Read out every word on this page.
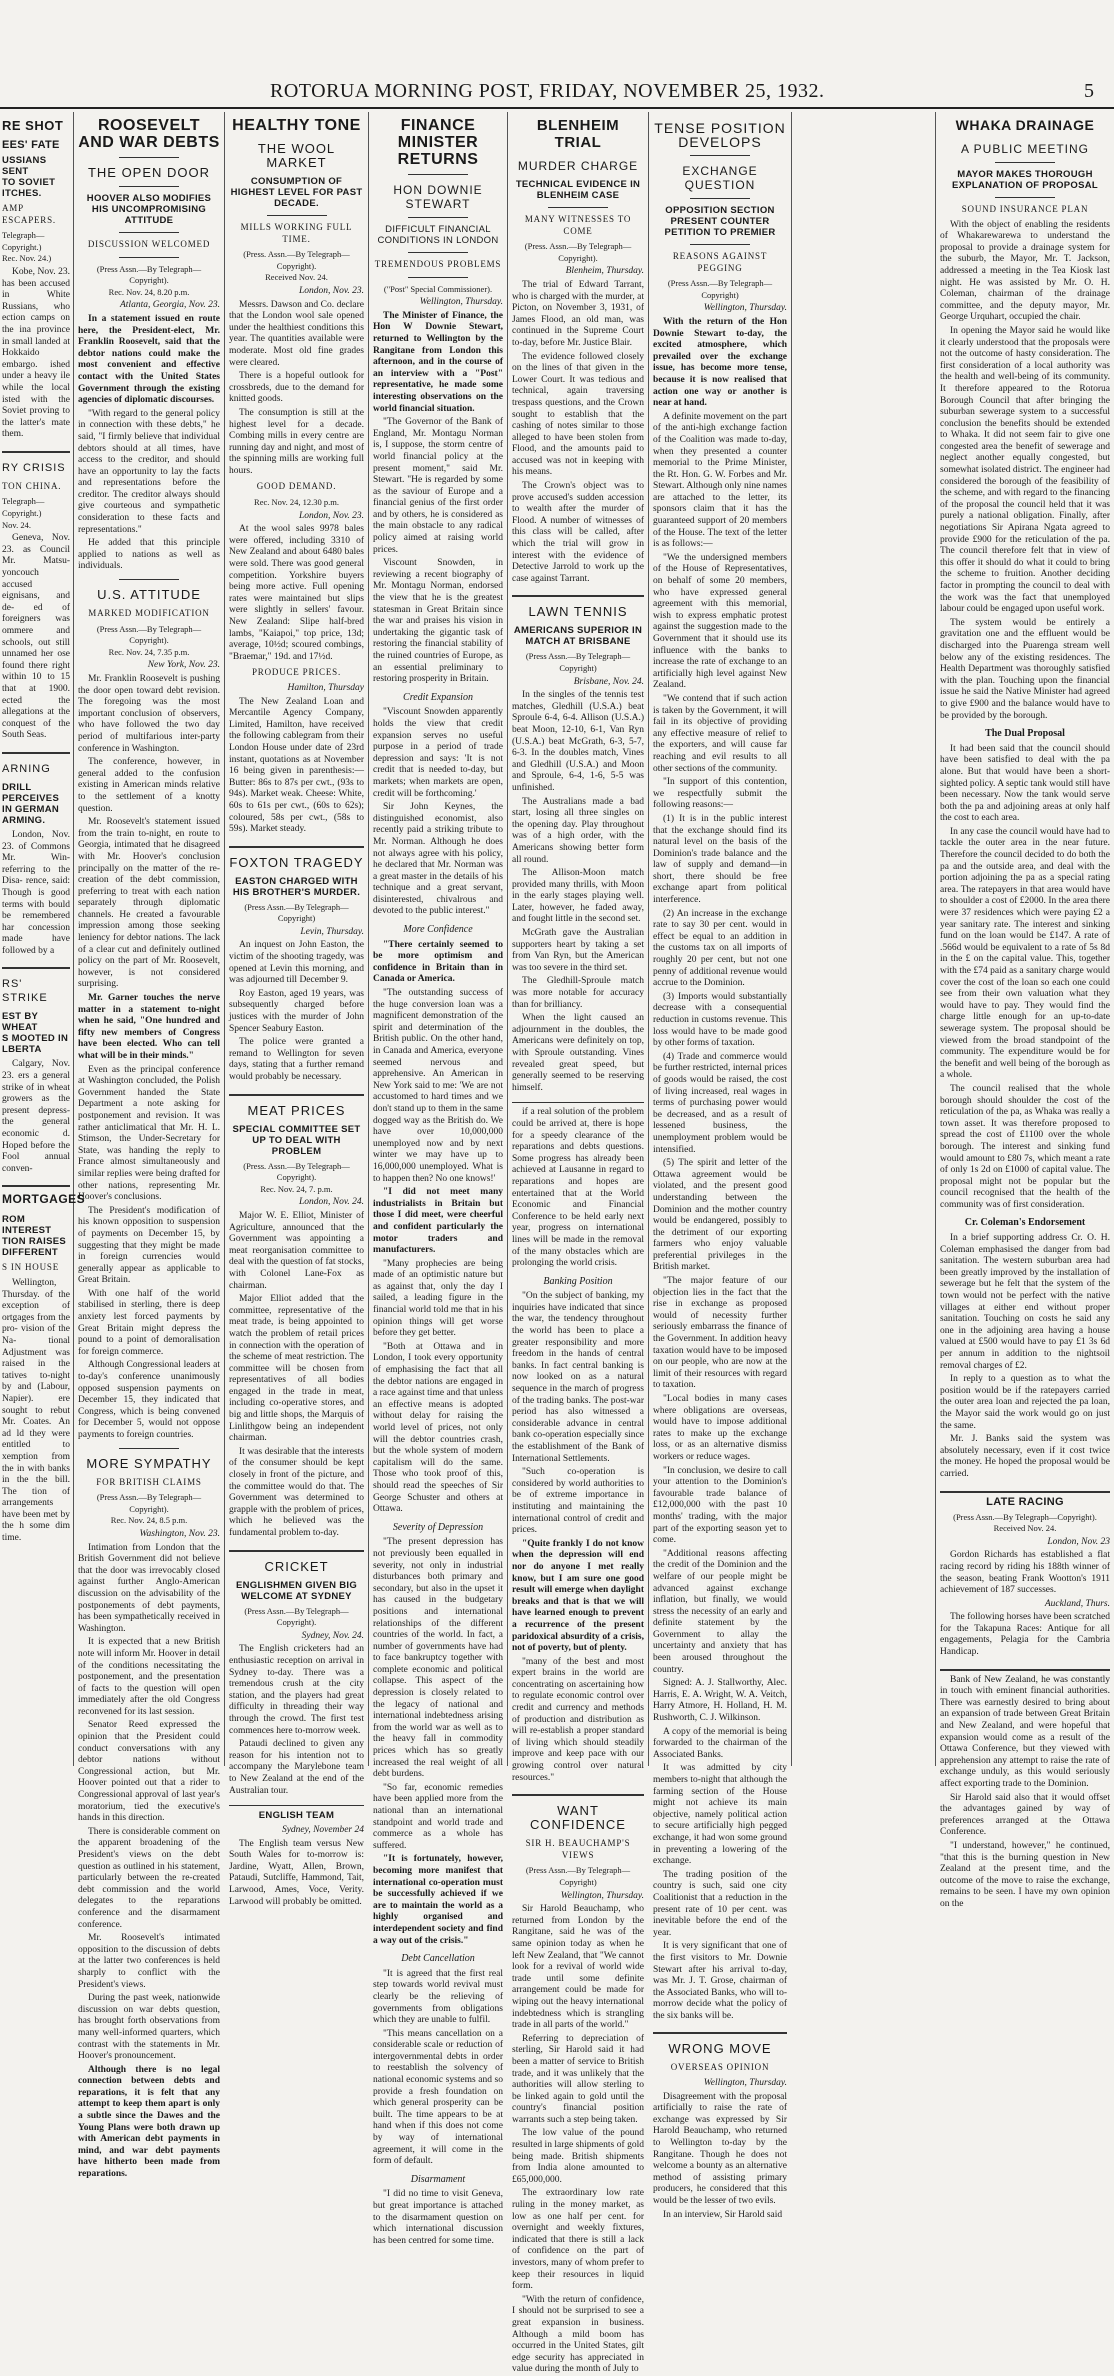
ROTORUA MORNING POST, FRIDAY, NOVEMBER 25, 1932.	5
RE SHOT
EES' FATE
USSIANS SENT
TO SOVIET
ITCHES.
AMP ESCAPERS.
Telegraph—Copyright.)
Rec. Nov. 24.)

Kobe, Nov. 23. has been accused in White Russians, who ection camps on the ina province in small landed at Hokkaido embargo. ished under a heavy ile while the local isted with the Soviet proving to the latter's mate them.

RY CRISIS
TON CHINA.
Telegraph—Copyright.)
Nov. 24.

Geneva, Nov. 23. as Council Mr. Matsu- yoncouch accused eignisans, and de- ed of foreigners was ommere and schools, out still unnamed her ose found there right within 10 to 15 that at 1900. ected the allegations at the conquest of the South Seas.

ARNING
DRILL PERCEIVES
IN GERMAN
ARMING.

London, Nov. 23. of Commons Mr. Win- referring to the Disa- rence, said: Though is good terms with bould be remembered har concession made have followed by a

RS' STRIKE
EST BY WHEAT
S MOOTED IN
LBERTA

Calgary, Nov. 23. ers a general strike of in wheat growers as the present depress- the general economic d. Hoped before the Fool annual conven-

MORTGAGES
ROM INTEREST
TION RAISES
DIFFERENT
S IN HOUSE

Wellington, Thursday. of the exception of ortgages from the pro- vision of the Na- tional Adjustment was raised in the tatives to-night by and (Labour, Napier). ere sought to rebut Mr. Coates. An ad ld they were entitled to xemption from the in with banks in the the bill. The tion of arrangements have been met by the h some dim time.

ROOSEVELT AND WAR DEBTS
THE OPEN DOOR
HOOVER ALSO MODIFIES HIS UNCOMPROMISING ATTITUDE
DISCUSSION WELCOMED
(Press Assn.—By Telegraph—Copyright).
Rec. Nov. 24, 8.20 p.m.
Atlanta, Georgia, Nov. 23.

In a statement issued en route here, the President-elect, Mr. Franklin Roosevelt, said that the debtor nations could make the most convenient and effective contact with the United States Government through the existing agencies of diplomatic discourses.

"With regard to the general policy in connection with these debts," he said, "I firmly believe that individual debtors should at all times, have access to the creditor, and should have an opportunity to lay the facts and representations before the creditor. The creditor always should give courteous and sympathetic consideration to these facts and representations."

He added that this principle applied to nations as well as individuals.

U.S. ATTITUDE
MARKED MODIFICATION
(Press Assn.—By Telegraph—Copyright).
Rec. Nov. 24, 7.35 p.m.
New York, Nov. 23.

Mr. Franklin Roosevelt is pushing the door open toward debt revision. The foregoing was the most important conclusion of observers, who have followed the two day period of multifarious inter-party conference in Washington.

The conference, however, in general added to the confusion existing in American minds relative to the settlement of a knotty question.

Mr. Roosevelt's statement issued from the train to-night, en route to Georgia, intimated that he disagreed with Mr. Hoover's conclusion principally on the matter of the re-creation of the debt commission, preferring to treat with each nation separately through diplomatic channels. He created a favourable impression among those seeking leniency for debtor nations. The lack of a clear cut and definitely outlined policy on the part of Mr. Roosevelt, however, is not considered surprising.

Mr. Garner touches the nerve matter in a statement to-night when he said, "One hundred and fifty new members of Congress have been elected. Who can tell what will be in their minds."

Even as the principal conference at Washington concluded, the Polish Government handed the State Department a note asking for postponement and revision. It was rather anticlimatical that Mr. H. L. Stimson, the Under-Secretary for State, was handing the reply to France almost simultaneously and similar replies were being drafted for other nations, representing Mr. Hoover's conclusions.

The President's modification of his known opposition to suspension of payments on December 15, by suggesting that they might be made in foreign currencies would generally appear as applicable to Great Britain.

With one half of the world stabilised in sterling, there is deep anxiety lest forced payments by Great Britain might depress the pound to a point of demoralisation for foreign commerce.

Although Congressional leaders at to-day's conference unanimously opposed suspension payments on December 15, they indicated that Congress, which is being convened for December 5, would not oppose payments to foreign countries.

MORE SYMPATHY
FOR BRITISH CLAIMS
(Press Assn.—By Telegraph—Copyright).
Rec. Nov. 24, 8.5 p.m.
Washington, Nov. 23.

Intimation from London that the British Government did not believe that the door was irrevocably closed against further Anglo-American discussion on the advisability of the postponements of debt payments, has been sympathetically received in Washington.

It is expected that a new British note will inform Mr. Hoover in detail of the conditions necessitating the postponement, and the presentation of facts to the question will open immediately after the old Congress reconvened for its last session.

Senator Reed expressed the opinion that the President could conduct conversations with any debtor nations without Congressional action, but Mr. Hoover pointed out that a rider to Congressional approval of last year's moratorium, tied the executive's hands in this direction.

There is considerable comment on the apparent broadening of the President's views on the debt question as outlined in his statement, particularly between the re-created debt commission and the world delegates to the reparations conference and the disarmament conference.

Mr. Roosevelt's intimated opposition to the discussion of debts at the latter two conferences is held sharply to conflict with the President's views.

During the past week, nationwide discussion on war debts question, has brought forth observations from many well-informed quarters, which contrast with the statements in Mr. Hoover's pronouncement.

Although there is no legal connection between debts and reparations, it is felt that any attempt to keep them apart is only a subtle since the Dawes and the Young Plans were both drawn up with American debt payments in mind, and war debt payments have hitherto been made from reparations.

HEALTHY TONE
THE WOOL MARKET
CONSUMPTION OF HIGHEST LEVEL FOR PAST DECADE.
MILLS WORKING FULL TIME.
(Press. Assn.—By Telegraph—Copyright).
Received Nov. 24.
London, Nov. 23.

Messrs. Dawson and Co. declare that the London wool sale opened under the healthiest conditions this year. The quantities available were moderate. Most old fine grades were cleared.

There is a hopeful outlook for crossbreds, due to the demand for knitted goods.

The consumption is still at the highest level for a decade. Combing mills in every centre are running day and night, and most of the spinning mills are working full hours.

GOOD DEMAND.
Rec. Nov. 24, 12.30 p.m.
London, Nov. 23.

At the wool sales 9978 bales were offered, including 3310 of New Zealand and about 6480 bales were sold. There was good general competition. Yorkshire buyers being more active. Full opening rates were maintained but slips were slightly in sellers' favour. New Zealand: Slipe half-bred lambs, "Kaiapoi," top price, 13d; average, 10½d; scoured combings, "Braemar," 19d. and 17½d.

PRODUCE PRICES.
Hamilton, Thursday

The New Zealand Loan and Mercantile Agency Company, Limited, Hamilton, have received the following cablegram from their London House under date of 23rd instant, quotations as at November 16 being given in parenthesis:—Butter: 86s to 87s per cwt., (93s to 94s). Market weak. Cheese: White, 60s to 61s per cwt., (60s to 62s); coloured, 58s per cwt., (58s to 59s). Market steady.

FOXTON TRAGEDY
EASTON CHARGED WITH HIS BROTHER'S MURDER.
(Press Assn.—By Telegraph—Copyright)
Levin, Thursday.

An inquest on John Easton, the victim of the shooting tragedy, was opened at Levin this morning, and was adjourned till December 9.

Roy Easton, aged 19 years, was subsequently charged before justices with the murder of John Spencer Seabury Easton.

The police were granted a remand to Wellington for seven days, stating that a further remand would probably be necessary.

MEAT PRICES
SPECIAL COMMITTEE SET UP TO DEAL WITH PROBLEM
(Press. Assn.—By Telegraph—Copyright).
Rec. Nov. 24, 7. p.m.
London, Nov. 24.

Major W. E. Elliot, Minister of Agriculture, announced that the Government was appointing a meat reorganisation committee to deal with the question of fat stocks, with Colonel Lane-Fox as chairman.

Major Elliot added that the committee, representative of the meat trade, is being appointed to watch the problem of retail prices in connection with the operation of the scheme of meat restriction. The committee will be chosen from representatives of all bodies engaged in the trade in meat, including co-operative stores, and big and little shops, the Marquis of Linlithgow being an independent chairman.

It was desirable that the interests of the consumer should be kept closely in front of the picture, and the committee would do that. The Government was determined to grapple with the problem of prices, which he believed was the fundamental problem to-day.

CRICKET
ENGLISHMEN GIVEN BIG WELCOME AT SYDNEY
(Press Assn.—By Telegraph—Copyright).
Sydney, Nov. 24.

The English cricketers had an enthusiastic reception on arrival in Sydney to-day. There was a tremendous crush at the city station, and the players had great difficulty in threading their way through the crowd. The first test commences here to-morrow week.

Pataudi declined to given any reason for his intention not to accompany the Marylebone team to New Zealand at the end of the Australian tour.

ENGLISH TEAM
Sydney, November 24

The English team versus New South Wales for to-morrow is: Jardine, Wyatt, Allen, Brown, Pataudi, Sutcliffe, Hammond, Tait, Larwood, Ames, Voce, Verity. Larwood will probably be omitted.

FINANCE MINISTER RETURNS
HON DOWNIE STEWART
DIFFICULT FINANCIAL CONDITIONS IN LONDON
TREMENDOUS PROBLEMS
("Post" Special Commissioner).
Wellington, Thursday.

The Minister of Finance, the Hon W Downie Stewart, returned to Wellington by the Rangitane from London this afternoon, and in the course of an interview with a "Post" representative, he made some interesting observations on the world financial situation.

"The Governor of the Bank of England, Mr. Montagu Norman is, I suppose, the storm centre of world financial policy at the present moment," said Mr. Stewart. "He is regarded by some as the saviour of Europe and a financial genius of the first order and by others, he is considered as the main obstacle to any radical policy aimed at raising world prices.

Viscount Snowden, in reviewing a recent biography of Mr. Montagu Norman, endorsed the view that he is the greatest statesman in Great Britain since the war and praises his vision in undertaking the gigantic task of restoring the financial stability of the ruined countries of Europe, as an essential preliminary to restoring prosperity in Britain.

Credit Expansion

"Viscount Snowden apparently holds the view that credit expansion serves no useful purpose in a period of trade depression and says: 'It is not credit that is needed to-day, but markets; when markets are open, credit will be forthcoming.'

Sir John Keynes, the distinguished economist, also recently paid a striking tribute to Mr. Norman. Although he does not always agree with his policy, he declared that Mr. Norman was a great master in the details of his technique and a great servant, disinterested, chivalrous and devoted to the public interest."

More Confidence

"There certainly seemed to be more optimism and confidence in Britain than in Canada or America.

"The outstanding success of the huge conversion loan was a magnificent demonstration of the spirit and determination of the British public. On the other hand, in Canada and America, everyone seemed nervous and apprehensive. An American in New York said to me: 'We are not accustomed to hard times and we don't stand up to them in the same dogged way as the British do. We have over 10,000,000 unemployed now and by next winter we may have up to 16,000,000 unemployed. What is to happen then? No one knows!'

"I did not meet many industrialists in Britain but those I did meet, were cheerful and confident particularly the motor traders and manufacturers.

"Many prophecies are being made of an optimistic nature but as against that, only the day I sailed, a leading figure in the financial world told me that in his opinion things will get worse before they get better.

"Both at Ottawa and in London, I took every opportunity of emphasising the fact that all the debtor nations are engaged in a race against time and that unless an effective means is adopted without delay for raising the world level of prices, not only will the debtor countries crash, but the whole system of modern capitalism will do the same. Those who took proof of this, should read the speeches of Sir George Schuster and others at Ottawa.

Severity of Depression

"The present depression has not previously been equalled in severity, not only in industrial disturbances both primary and secondary, but also in the upset it has caused in the budgetary positions and international relationships of the different countries of the world. In fact, a number of governments have had to face bankruptcy together with complete economic and political collapse. This aspect of the depression is closely related to the legacy of national and international indebtedness arising from the world war as well as to the heavy fall in commodity prices which has so greatly increased the real weight of all debt burdens.

"So far, economic remedies have been applied more from the national than an international standpoint and world trade and commerce as a whole has suffered.

"It is fortunately, however, becoming more manifest that international co-operation must be successfully achieved if we are to maintain the world as a highly organised and interdependent society and find a way out of the crisis."

Debt Cancellation

"It is agreed that the first real step towards world revival must clearly be the relieving of governments from obligations which they are unable to fulfil.

"This means cancellation on a considerable scale or reduction of intergovernmental debts in order to reestablish the solvency of national economic systems and so provide a fresh foundation on which general prosperity can be built. The time appears to be at hand when if this does not come by way of international agreement, it will come in the form of default.

Disarmament

"I did no time to visit Geneva, but great importance is attached to the disarmament question on which international discussion has been centred for some time.

BLENHEIM TRIAL
MURDER CHARGE
TECHNICAL EVIDENCE IN BLENHEIM CASE
MANY WITNESSES TO COME
(Press. Assn.—By Telegraph—Copyright).
Blenheim, Thursday.

The trial of Edward Tarrant, who is charged with the murder, at Picton, on November 3, 1931, of James Flood, an old man, was continued in the Supreme Court to-day, before Mr. Justice Blair.

The evidence followed closely on the lines of that given in the Lower Court. It was tedious and technical, again traversing trespass questions, and the Crown sought to establish that the cashing of notes similar to those alleged to have been stolen from Flood, and the amounts paid to accused was not in keeping with his means.

The Crown's object was to prove accused's sudden accession to wealth after the murder of Flood. A number of witnesses of this class will be called, after which the trial will grow in interest with the evidence of Detective Jarrold to work up the case against Tarrant.

LAWN TENNIS
AMERICANS SUPERIOR IN MATCH AT BRISBANE
(Press Assn.—By Telegraph—Copyright)
Brisbane, Nov. 24.

In the singles of the tennis test matches, Gledhill (U.S.A.) beat Sproule 6-4, 6-4. Allison (U.S.A.) beat Moon, 12-10, 6-1, Van Ryn (U.S.A.) beat McGrath, 6-3, 5-7, 6-3. In the doubles match, Vines and Gledhill (U.S.A.) and Moon and Sproule, 6-4, 1-6, 5-5 was unfinished.

The Australians made a bad start, losing all three singles on the opening day. Play throughout was of a high order, with the Americans showing better form all round.

The Allison-Moon match provided many thrills, with Moon in the early stages playing well. Later, however, he faded away, and fought little in the second set.

McGrath gave the Australian supporters heart by taking a set from Van Ryn, but the American was too severe in the third set.

The Gledhill-Sproule match was more notable for accuracy than for brilliancy.

When the light caused an adjournment in the doubles, the Americans were definitely on top, with Sproule outstanding. Vines revealed great speed, but generally seemed to be reserving himself.

if a real solution of the problem could be arrived at, there is hope for a speedy clearance of the reparations and debts questions. Some progress has already been achieved at Lausanne in regard to reparations and hopes are entertained that at the World Economic and Financial Conference to be held early next year, progress on international lines will be made in the removal of the many obstacles which are prolonging the world crisis.

Banking Position

"On the subject of banking, my inquiries have indicated that since the war, the tendency throughout the world has been to place a greater responsibility and more freedom in the hands of central banks. In fact central banking is now looked on as a natural sequence in the march of progress of the trading banks. The post-war period has also witnessed a considerable advance in central bank co-operation especially since the establishment of the Bank of International Settlements.

"Such co-operation is considered by world authorities to be of extreme importance in instituting and maintaining the international control of credit and prices.

"Quite frankly I do not know when the depression will end nor do anyone I met really know, but I am sure one good result will emerge when daylight breaks and that is that we will have learned enough to prevent a recurrence of the present paridoxical absurdity of a crisis, not of poverty, but of plenty.

"many of the best and most expert brains in the world are concentrating on ascertaining how to regulate economic control over credit and currency and methods of production and distribution as will re-establish a proper standard of living which should steadily improve and keep pace with our growing control over natural resources."

WANT CONFIDENCE
SIR H. BEAUCHAMP'S VIEWS
(Press Assn.—By Telegraph—Copyright)
Wellington, Thursday.

Sir Harold Beauchamp, who returned from London by the Rangitane, said he was of the same opinion today as when he left New Zealand, that "We cannot look for a revival of world wide trade until some definite arrangement could be made for wiping out the heavy international indebtedness which is strangling trade in all parts of the world."

Referring to depreciation of sterling, Sir Harold said it had been a matter of service to British trade, and it was unlikely that the authorities will allow sterling to be linked again to gold until the country's financial position warrants such a step being taken.

The low value of the pound resulted in large shipments of gold being made. British shipments from India alone amounted to £65,000,000.

The extraordinary low rate ruling in the money market, as low as one half per cent. for overnight and weekly fixtures, indicated that there is still a lack of confidence on the part of investors, many of whom prefer to keep their resources in liquid form.

"With the return of confidence, I should not be surprised to see a great expansion in business. Although a mild boom has occurred in the United States, gilt edge security has appreciated in value during the month of July to

TENSE POSITION DEVELOPS
EXCHANGE QUESTION
OPPOSITION SECTION PRESENT COUNTER PETITION TO PREMIER
REASONS AGAINST PEGGING
(Press Assn.—By Telegraph—Copyright)
Wellington, Thursday.

With the return of the Hon Downie Stewart to-day, the excited atmosphere, which prevailed over the exchange issue, has become more tense, because it is now realised that action one way or another is near at hand.

A definite movement on the part of the anti-high exchange faction of the Coalition was made to-day, when they presented a counter memorial to the Prime Minister, the Rt. Hon. G. W. Forbes and Mr. Stewart. Although only nine names are attached to the letter, its sponsors claim that it has the guaranteed support of 20 members of the House. The text of the letter is as follows:—

"We the undersigned members of the House of Representatives, on behalf of some 20 members, who have expressed general agreement with this memorial, wish to express emphatic protest against the suggestion made to the Government that it should use its influence with the banks to increase the rate of exchange to an artificially high level against New Zealand.

"We contend that if such action is taken by the Government, it will fail in its objective of providing any effective measure of relief to the exporters, and will cause far reaching and evil results to all other sections of the community.

"In support of this contention, we respectfully submit the following reasons:—

(1) It is in the public interest that the exchange should find its natural level on the basis of the Dominion's trade balance and the law of supply and demand—in short, there should be free exchange apart from political interference.

(2) An increase in the exchange rate to say 30 per cent. would in effect be equal to an addition in the customs tax on all imports of roughly 20 per cent, but not one penny of additional revenue would accrue to the Dominion.

(3) Imports would substantially decrease with a consequential reduction in customs revenue. This loss would have to be made good by other forms of taxation.

(4) Trade and commerce would be further restricted, internal prices of goods would be raised, the cost of living increased, real wages in terms of purchasing power would be decreased, and as a result of lessened business, the unemployment problem would be intensified.

(5) The spirit and letter of the Ottawa agreement would be violated, and the present good understanding between the Dominion and the mother country would be endangered, possibly to the detriment of our exporting farmers who enjoy valuable preferential privileges in the British market.

"The major feature of our objection lies in the fact that the rise in exchange as proposed would of necessity further seriously embarrass the finance of the Government. In addition heavy taxation would have to be imposed on our people, who are now at the limit of their resources with regard to taxation.

"Local bodies in many cases where obligations are overseas, would have to impose additional rates to make up the exchange loss, or as an alternative dismiss workers or reduce wages.

"In conclusion, we desire to call your attention to the Dominion's favourable trade balance of £12,000,000 with the past 10 months' trading, with the major part of the exporting season yet to come.

"Additional reasons affecting the credit of the Dominion and the welfare of our people might be advanced against exchange inflation, but finally, we would stress the necessity of an early and definite statement by the Government to allay the uncertainty and anxiety that has been aroused throughout the country.

Signed: A. J. Stallworthy, Alec. Harris, E. A. Wright, W. A. Veitch, Harry Atmore, H. Holland, H. M. Rushworth, C. J. Wilkinson.

A copy of the memorial is being forwarded to the chairman of the Associated Banks.

It was admitted by city members to-night that although the farming section of the House might not achieve its main objective, namely political action to secure artificially high pegged exchange, it had won some ground in preventing a lowering of the exchange.

The trading position of the country is such, said one city Coalitionist that a reduction in the present rate of 10 per cent. was inevitable before the end of the year.

It is very significant that one of the first visitors to Mr. Downie Stewart after his arrival to-day, was Mr. J. T. Grose, chairman of the Associated Banks, who will to-morrow decide what the policy of the six banks will be.

WRONG MOVE
OVERSEAS OPINION
Wellington, Thursday.

Disagreement with the proposal artificially to raise the rate of exchange was expressed by Sir Harold Beauchamp, who returned to Wellington to-day by the Rangitane. Though he does not welcome a bounty as an alternative method of assisting primary producers, he considered that this would be the lesser of two evils.

In an interview, Sir Harold said

WHAKA DRAINAGE
A PUBLIC MEETING
MAYOR MAKES THOROUGH EXPLANATION OF PROPOSAL
SOUND INSURANCE PLAN

With the object of enabling the residents of Whakarewarewa to understand the proposal to provide a drainage system for the suburb, the Mayor, Mr. T. Jackson, addressed a meeting in the Tea Kiosk last night. He was assisted by Mr. O. H. Coleman, chairman of the drainage committee, and the deputy mayor, Mr. George Urquhart, occupied the chair.

In opening the Mayor said he would like it clearly understood that the proposals were not the outcome of hasty consideration. The first consideration of a local authority was the health and well-being of its community. It therefore appeared to the Rotorua Borough Council that after bringing the suburban sewerage system to a successful conclusion the benefits should be extended to Whaka. It did not seem fair to give one congested area the benefit of sewerage and neglect another equally congested, but somewhat isolated district. The engineer had considered the borough of the feasibility of the scheme, and with regard to the financing of the proposal the council held that it was purely a national obligation. Finally, after negotiations Sir Apirana Ngata agreed to provide £900 for the reticulation of the pa. The council therefore felt that in view of this offer it should do what it could to bring the scheme to fruition. Another deciding factor in prompting the council to deal with the work was the fact that unemployed labour could be engaged upon useful work.

The system would be entirely a gravitation one and the effluent would be discharged into the Puarenga stream well below any of the existing residences. The Health Department was thoroughly satisfied with the plan. Touching upon the financial issue he said the Native Minister had agreed to give £900 and the balance would have to be provided by the borough.

The Dual Proposal

It had been said that the council should have been satisfied to deal with the pa alone. But that would have been a short-sighted policy. A septic tank would still have been necessary. Now the tank would serve both the pa and adjoining areas at only half the cost to each area.

In any case the council would have had to tackle the outer area in the near future. Therefore the council decided to do both the pa and the outside area, and deal with the portion adjoining the pa as a special rating area. The ratepayers in that area would have to shoulder a cost of £2000. In the area there were 37 residences which were paying £2 a year sanitary rate. The interest and sinking fund on the loan would be £147. A rate of .566d would be equivalent to a rate of 5s 8d in the £ on the capital value. This, together with the £74 paid as a sanitary charge would cover the cost of the loan so each one could see from their own valuation what they would have to pay. They would find the charge little enough for an up-to-date sewerage system. The proposal should be viewed from the broad standpoint of the community. The expenditure would be for the benefit and well being of the borough as a whole.

The council realised that the whole borough should shoulder the cost of the reticulation of the pa, as Whaka was really a town asset. It was therefore proposed to spread the cost of £1100 over the whole borough. The interest and sinking fund would amount to £80 7s, which meant a rate of only 1s 2d on £1000 of capital value. The proposal might not be popular but the council recognised that the health of the community was of first consideration.

Cr. Coleman's Endorsement

In a brief supporting address Cr. O. H. Coleman emphasised the danger from bad sanitation. The western suburban area had been greatly improved by the installation of sewerage but he felt that the system of the town would not be perfect with the native villages at either end without proper sanitation. Touching on costs he said any one in the adjoining area having a house valued at £500 would have to pay £1 3s 6d per annum in addition to the nightsoil removal charges of £2.

In reply to a question as to what the position would be if the ratepayers carried the outer area loan and rejected the pa loan, the Mayor said the work would go on just the same.

Mr. J. Banks said the system was absolutely necessary, even if it cost twice the money. He hoped the proposal would be carried.

LATE RACING
(Press Assn.—By Telegraph—Copyright).
Received Nov. 24.
London, Nov. 23

Gordon Richards has established a flat racing record by riding his 188th winner of the season, beating Frank Wootton's 1911 achievement of 187 successes.

Auckland, Thurs.

The following horses have been scratched for the Takapuna Races: Antique for all engagements, Pelagia for the Cambria Handicap.

Bank of New Zealand, he was constantly in touch with eminent financial authorities. There was earnestly desired to bring about an expansion of trade between Great Britain and New Zealand, and were hopeful that expansion would come as a result of the Ottawa Conference, but they viewed with apprehension any attempt to raise the rate of exchange unduly, as this would seriously affect exporting trade to the Dominion.

Sir Harold said also that it would offset the advantages gained by way of preferences arranged at the Ottawa Conference.

"I understand, however," he continued, "that this is the burning question in New Zealand at the present time, and the outcome of the move to raise the exchange, remains to be seen. I have my own opinion on the
